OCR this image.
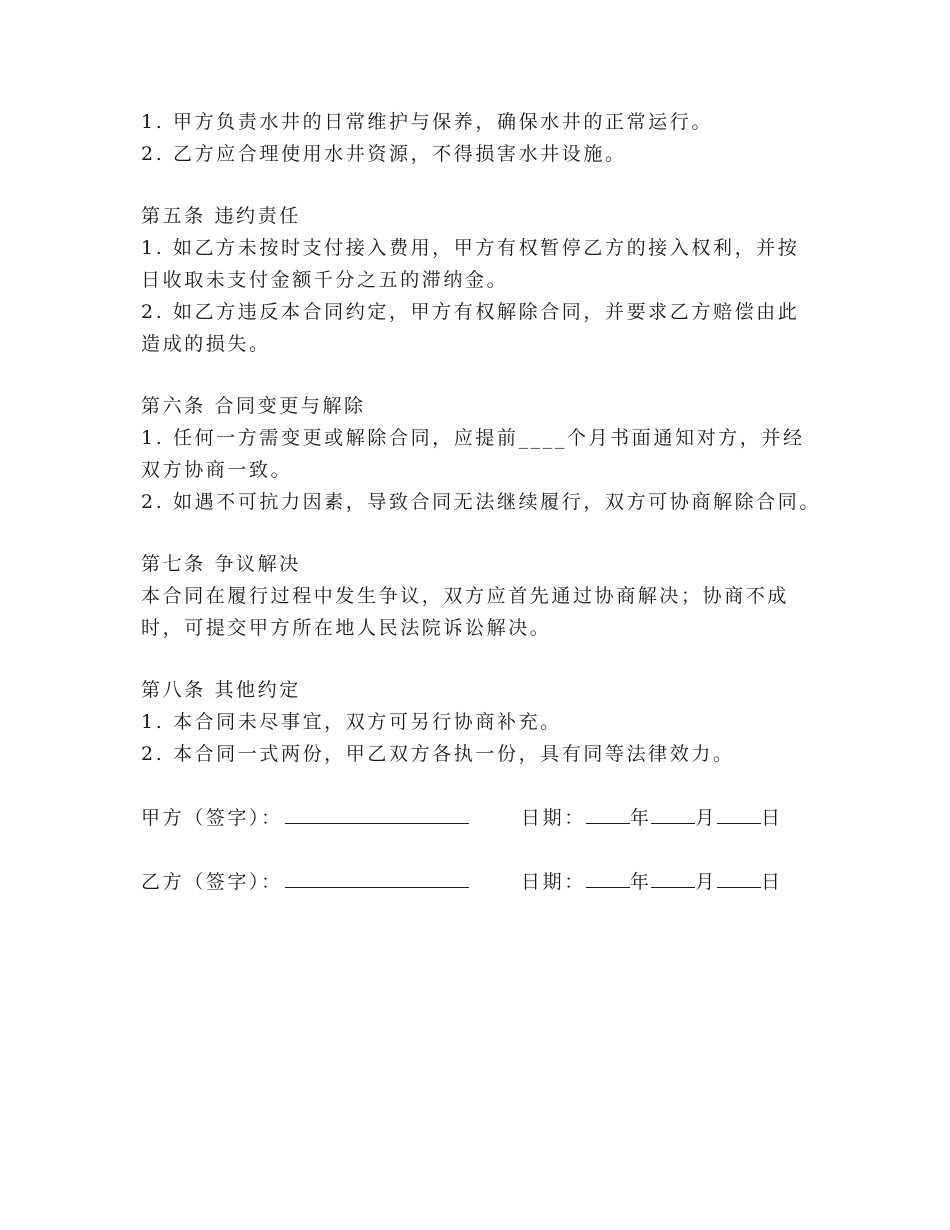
1. 甲方负责水井的日常维护与保养，确保水井的正常运行。
2. 乙方应合理使用水井资源，不得损害水井设施。
第五条 违约责任
1. 如乙方未按时支付接入费用，甲方有权暂停乙方的接入权利，并按
日收取未支付金额千分之五的滞纳金。
2. 如乙方违反本合同约定，甲方有权解除合同，并要求乙方赔偿由此
造成的损失。
第六条 合同变更与解除
1. 任何一方需变更或解除合同，应提前____个月书面通知对方，并经
双方协商一致。
2. 如遇不可抗力因素，导致合同无法继续履行，双方可协商解除合同。
第七条 争议解决
本合同在履行过程中发生争议，双方应首先通过协商解决；协商不成
时，可提交甲方所在地人民法院诉讼解决。
第八条 其他约定
1. 本合同未尽事宜，双方可另行协商补充。
2. 本合同一式两份，甲乙双方各执一份，具有同等法律效力。
甲方（签字）：	日期： 年 月 日
乙方（签字）：	日期： 年 月 日
